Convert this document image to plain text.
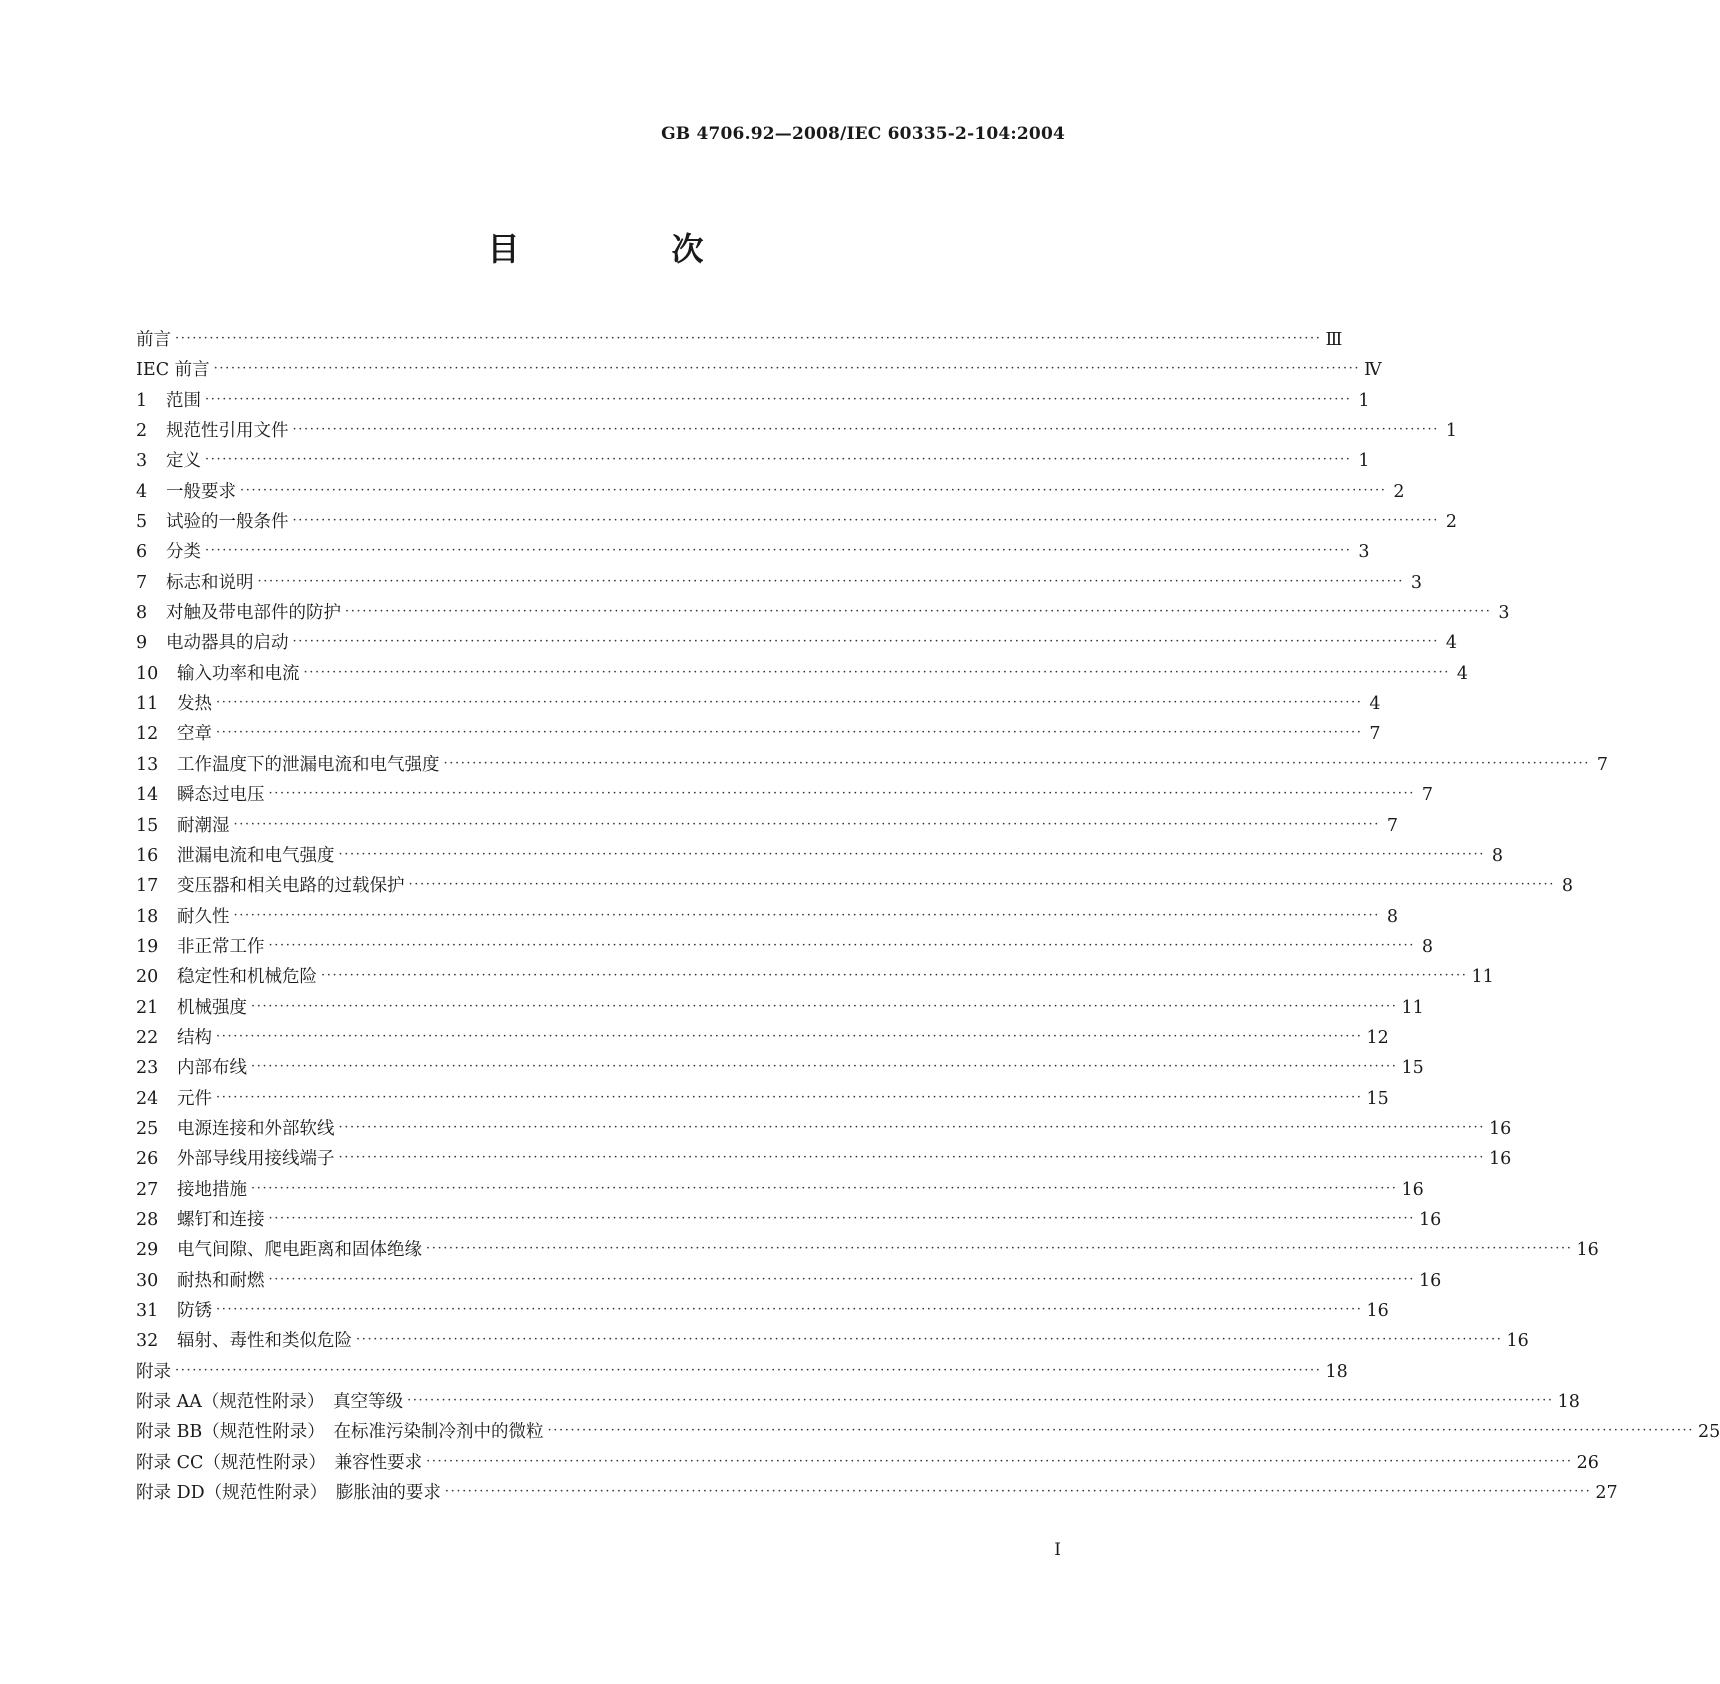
GB 4706.92—2008/IEC 60335-2-104:2004
目　次
前言 ········································································································································································································ Ⅲ
IEC 前言 ········································································································································································································ Ⅳ
1	范围 ········································································································································································································ 1
2	规范性引用文件 ········································································································································································································ 1
3	定义 ········································································································································································································ 1
4	一般要求 ········································································································································································································ 2
5	试验的一般条件 ········································································································································································································ 2
6	分类 ········································································································································································································ 3
7	标志和说明 ········································································································································································································ 3
8	对触及带电部件的防护 ········································································································································································································ 3
9	电动器具的启动 ········································································································································································································ 4
10	输入功率和电流 ········································································································································································································ 4
11	发热 ········································································································································································································ 4
12	空章 ········································································································································································································ 7
13	工作温度下的泄漏电流和电气强度 ········································································································································································································ 7
14	瞬态过电压 ········································································································································································································ 7
15	耐潮湿 ········································································································································································································ 7
16	泄漏电流和电气强度 ········································································································································································································ 8
17	变压器和相关电路的过载保护 ········································································································································································································ 8
18	耐久性 ········································································································································································································ 8
19	非正常工作 ········································································································································································································ 8
20	稳定性和机械危险 ········································································································································································································ 11
21	机械强度 ········································································································································································································ 11
22	结构 ········································································································································································································ 12
23	内部布线 ········································································································································································································ 15
24	元件 ········································································································································································································ 15
25	电源连接和外部软线 ········································································································································································································ 16
26	外部导线用接线端子 ········································································································································································································ 16
27	接地措施 ········································································································································································································ 16
28	螺钉和连接 ········································································································································································································ 16
29	电气间隙、爬电距离和固体绝缘 ········································································································································································································ 16
30	耐热和耐燃 ········································································································································································································ 16
31	防锈 ········································································································································································································ 16
32	辐射、毒性和类似危险 ········································································································································································································ 16
附录 ········································································································································································································ 18
附录 AA（规范性附录）　真空等级 ········································································································································································································ 18
附录 BB（规范性附录）　在标准污染制冷剂中的微粒 ········································································································································································································ 25
附录 CC（规范性附录）　兼容性要求 ········································································································································································································ 26
附录 DD（规范性附录）　膨胀油的要求 ········································································································································································································ 27
I
